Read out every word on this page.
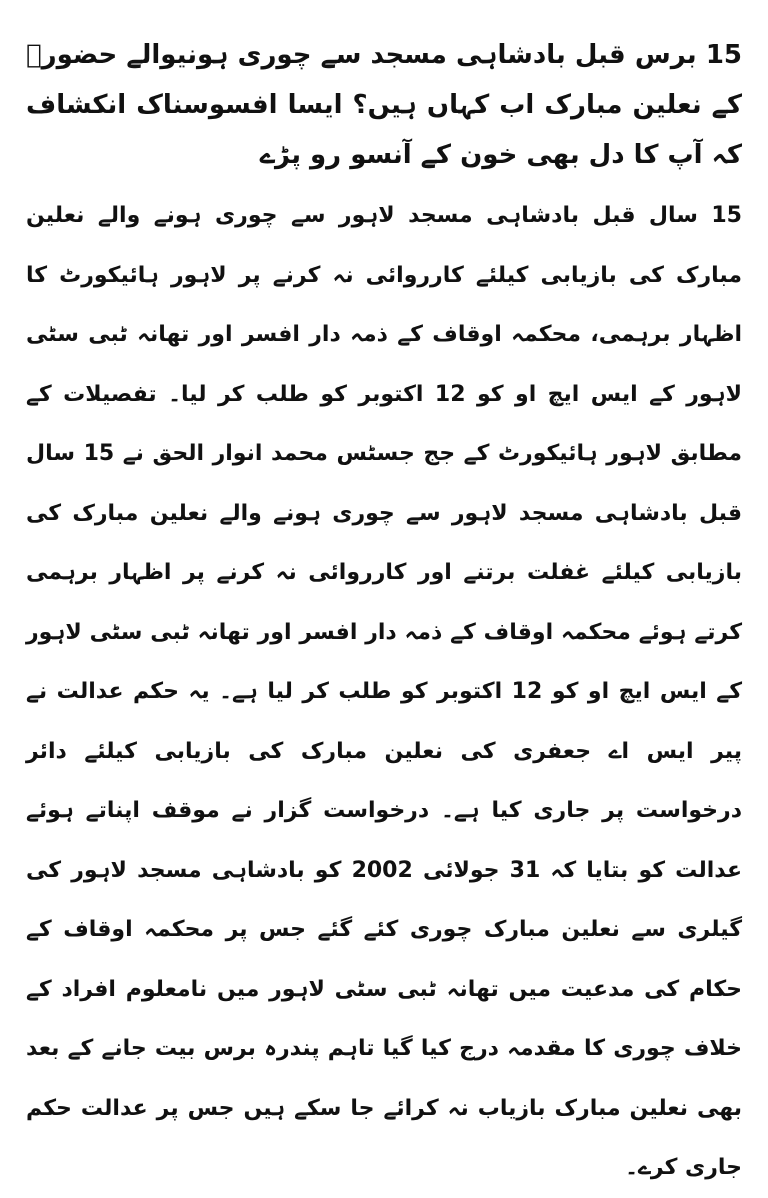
15 برس قبل بادشاہی مسجد سے چوری ہونیوالے حضورؐ کے نعلین مبارک اب کہاں ہیں؟ ایسا افسوسناک انکشاف کہ آپ کا دل بھی خون کے آنسو رو پڑے

15 سال قبل بادشاہی مسجد لاہور سے چوری ہونے والے نعلین مبارک کی بازیابی کیلئے کارروائی نہ کرنے پر لاہور ہائیکورٹ کا اظہار برہمی، محکمہ اوقاف کے ذمہ دار افسر اور تھانہ ٹبی سٹی لاہور کے ایس ایچ او کو 12 اکتوبر کو طلب کر لیا۔ تفصیلات کے مطابق لاہور ہائیکورٹ کے جج جسٹس محمد انوار الحق نے 15 سال قبل بادشاہی مسجد لاہور سے چوری ہونے والے نعلین مبارک کی بازیابی کیلئے غفلت برتنے اور کارروائی نہ کرنے پر اظہار برہمی کرتے ہوئے محکمہ اوقاف کے ذمہ دار افسر اور تھانہ ٹبی سٹی لاہور کے ایس ایچ او کو 12 اکتوبر کو طلب کر لیا ہے۔ یہ حکم عدالت نے پیر ایس اے جعفری کی نعلین مبارک کی بازیابی کیلئے دائر درخواست پر جاری کیا ہے۔ درخواست گزار نے موقف اپناتے ہوئے عدالت کو بتایا کہ 31 جولائی 2002 کو بادشاہی مسجد لاہور کی گیلری سے نعلین مبارک چوری کئے گئے جس پر محکمہ اوقاف کے حکام کی مدعیت میں تھانہ ٹبی سٹی لاہور میں نامعلوم افراد کے خلاف چوری کا مقدمہ درج کیا گیا تاہم پندرہ برس بیت جانے کے بعد بھی نعلین مبارک بازیاب نہ کرائے جا سکے ہیں جس پر عدالت حکم جاری کرے۔
